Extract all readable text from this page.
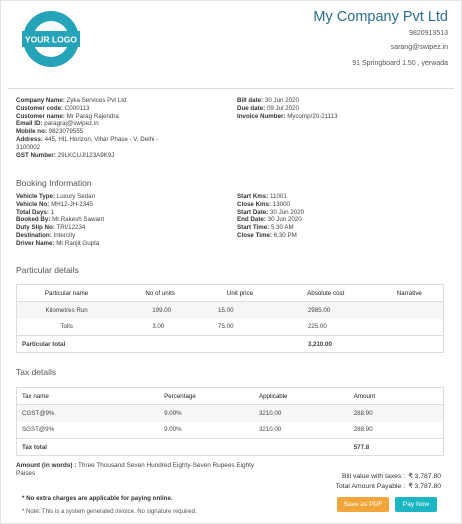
YOUR LOGO
My Company Pvt Ltd
9820913513
sarang@swipez.in
91 Springboard 1.50 , yerwada
Company Name: Zyka Services Pvt Ltd
Customer code: C000113
Customer name: Mr Parag Rajendra
Email ID: paragraj@swipez.in
Mobile no: 9823079555
Address: 445, HIL Horizon, Vihar Phase - V, Delhi -
3100002
GST Number: 29LKCUJI123A9K9J
Bill date: 30 Jun 2020
Due date: 09 Jul 2020
Invoice Number: Mycomp/20-21113
Booking Information
Vehicle Type: Luxury Sedan
Vehicle No: MH12-JH-2345
Total Days: 1
Booked By: Mr.Rakesh Sawant
Duty Slip No: TRI/12234
Destination: Intercity
Driver Name: Mr.Ranjit Gupta
Start Kms: 11001
Close Kms: 13000
Start Date: 30 Jun 2020
End Date: 30 Jun 2020
Start Time: 5:30 AM
Close Time: 6:30 PM
Particular details
Particular name	No of units	Unit price	Absolute cost	Narrative
Kilometres Run	199.00	15.00	2985.00	
Tolls	3.00	75.00	225.00	
Particular total			3,210.00	
Tax details
Tax name	Percentage	Applicable	Amount
CGST@9%	9.00%	3210.00	288.90
SGST@9%	9.00%	3210.00	288.90
Tax total			577.8
Amount (in words) : Three Thousand Seven Hundred Eighty-Seven Rupees Eighty
Paises	Bill value with taxes : ₹ 3,787.80
Total Amount Payable : ₹ 3,787.80
* No extra charges are applicable for paying online.
* Note: This is a system generated invoice. No signature required.
Save as PDF	Pay Now
